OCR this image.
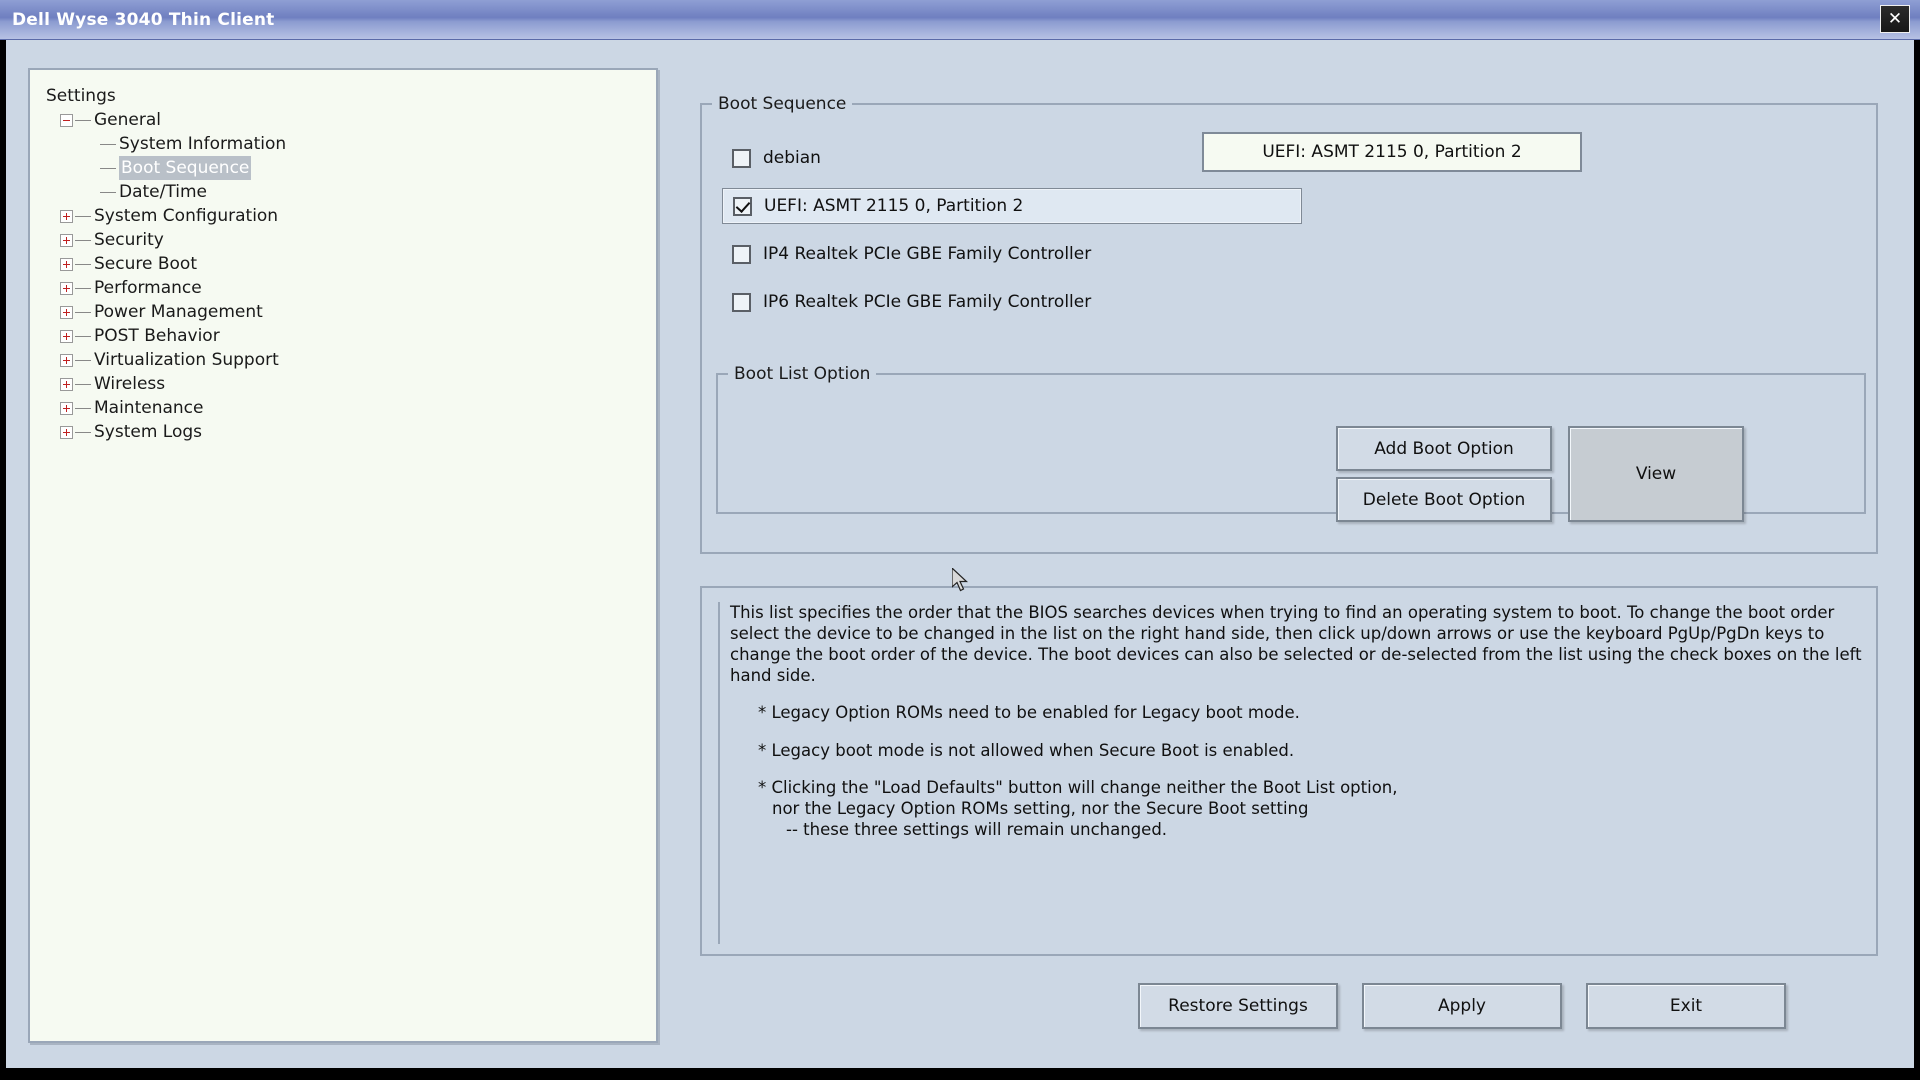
Dell Wyse 3040 Thin Client	✕
Settings
General
System Information
Boot Sequence
Date/Time
System Configuration
Security
Secure Boot
Performance
Power Management
POST Behavior
Virtualization Support
Wireless
Maintenance
System Logs
Boot Sequence
debian
UEFI: ASMT 2115 0, Partition 2
IP4 Realtek PCIe GBE Family Controller
IP6 Realtek PCIe GBE Family Controller
UEFI: ASMT 2115 0, Partition 2
Boot List Option
Add Boot Option
Delete Boot Option
View

This list specifies the order that the BIOS searches devices when trying to find an operating system to boot. To change the boot order select the device to be changed in the list on the right hand side, then click up/down arrows or use the keyboard PgUp/PgDn keys to change the boot order of the device. The boot devices can also be selected or de-selected from the list using the check boxes on the left hand side.

* Legacy Option ROMs need to be enabled for Legacy boot mode.

* Legacy boot mode is not allowed when Secure Boot is enabled.

* Clicking the "Load Defaults" button will change neither the Boot List option,
nor the Legacy Option ROMs setting, nor the Secure Boot setting
-- these three settings will remain unchanged.

Restore Settings	Apply	Exit
